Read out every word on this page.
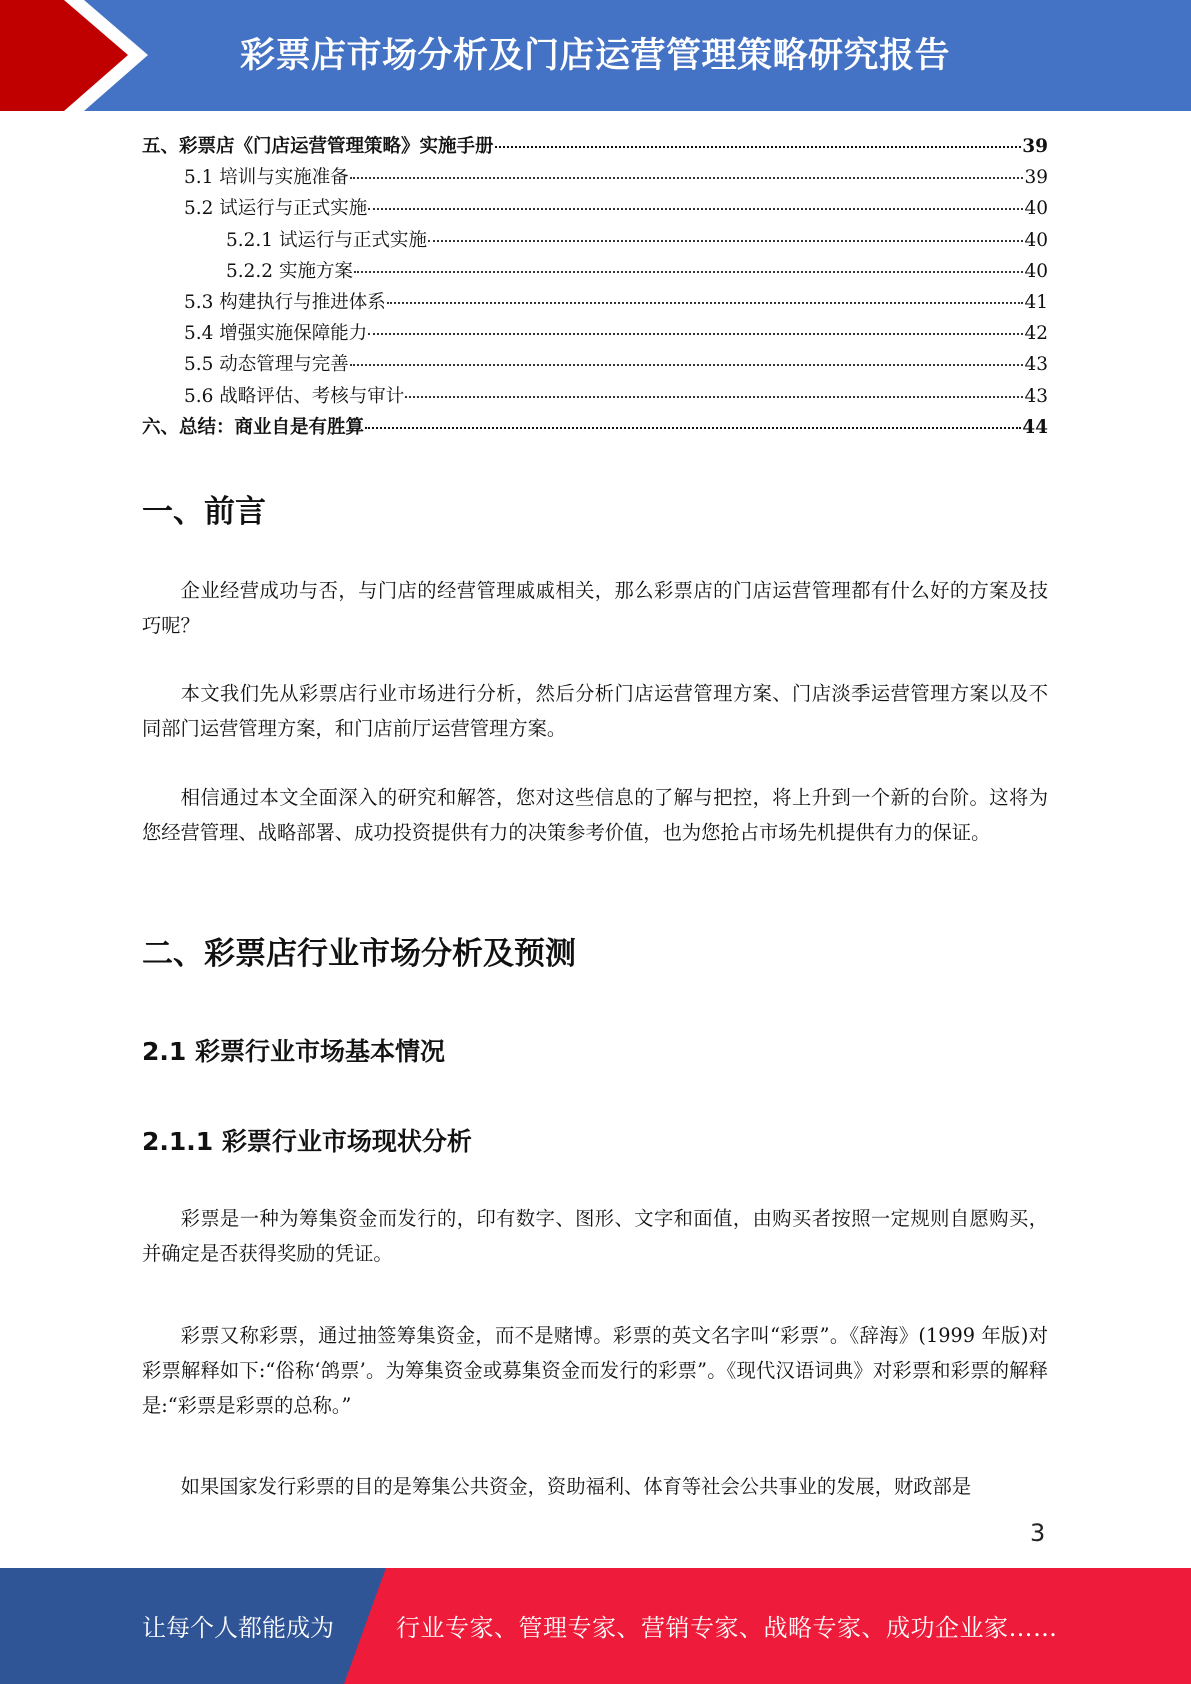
彩票店市场分析及门店运营管理策略研究报告
五、彩票店《门店运营管理策略》实施手册	39
5.1 培训与实施准备	39
5.2 试运行与正式实施	40
5.2.1 试运行与正式实施	40
5.2.2 实施方案	40
5.3 构建执行与推进体系	41
5.4 增强实施保障能力	42
5.5 动态管理与完善	43
5.6 战略评估、考核与审计	43
六、总结：商业自是有胜算	44
一、前言

企业经营成功与否，与门店的经营管理戚戚相关，那么彩票店的门店运营管理都有什么好的方案及技巧呢？

本文我们先从彩票店行业市场进行分析，然后分析门店运营管理方案、门店淡季运营管理方案以及不同部门运营管理方案，和门店前厅运营管理方案。

相信通过本文全面深入的研究和解答，您对这些信息的了解与把控，将上升到一个新的台阶。这将为您经营管理、战略部署、成功投资提供有力的决策参考价值，也为您抢占市场先机提供有力的保证。

二、彩票店行业市场分析及预测
2.1 彩票行业市场基本情况
2.1.1 彩票行业市场现状分析

彩票是一种为筹集资金而发行的，印有数字、图形、文字和面值，由购买者按照一定规则自愿购买，并确定是否获得奖励的凭证。

彩票又称彩票，通过抽签筹集资金，而不是赌博。彩票的英文名字叫“彩票”。《辞海》(1999 年版)对彩票解释如下:“俗称‘鸽票’。为筹集资金或募集资金而发行的彩票”。《现代汉语词典》对彩票和彩票的解释是:“彩票是彩票的总称。”

如果国家发行彩票的目的是筹集公共资金，资助福利、体育等社会公共事业的发展，财政部是

3
让每个人都能成为	行业专家、管理专家、营销专家、战略专家、成功企业家……
